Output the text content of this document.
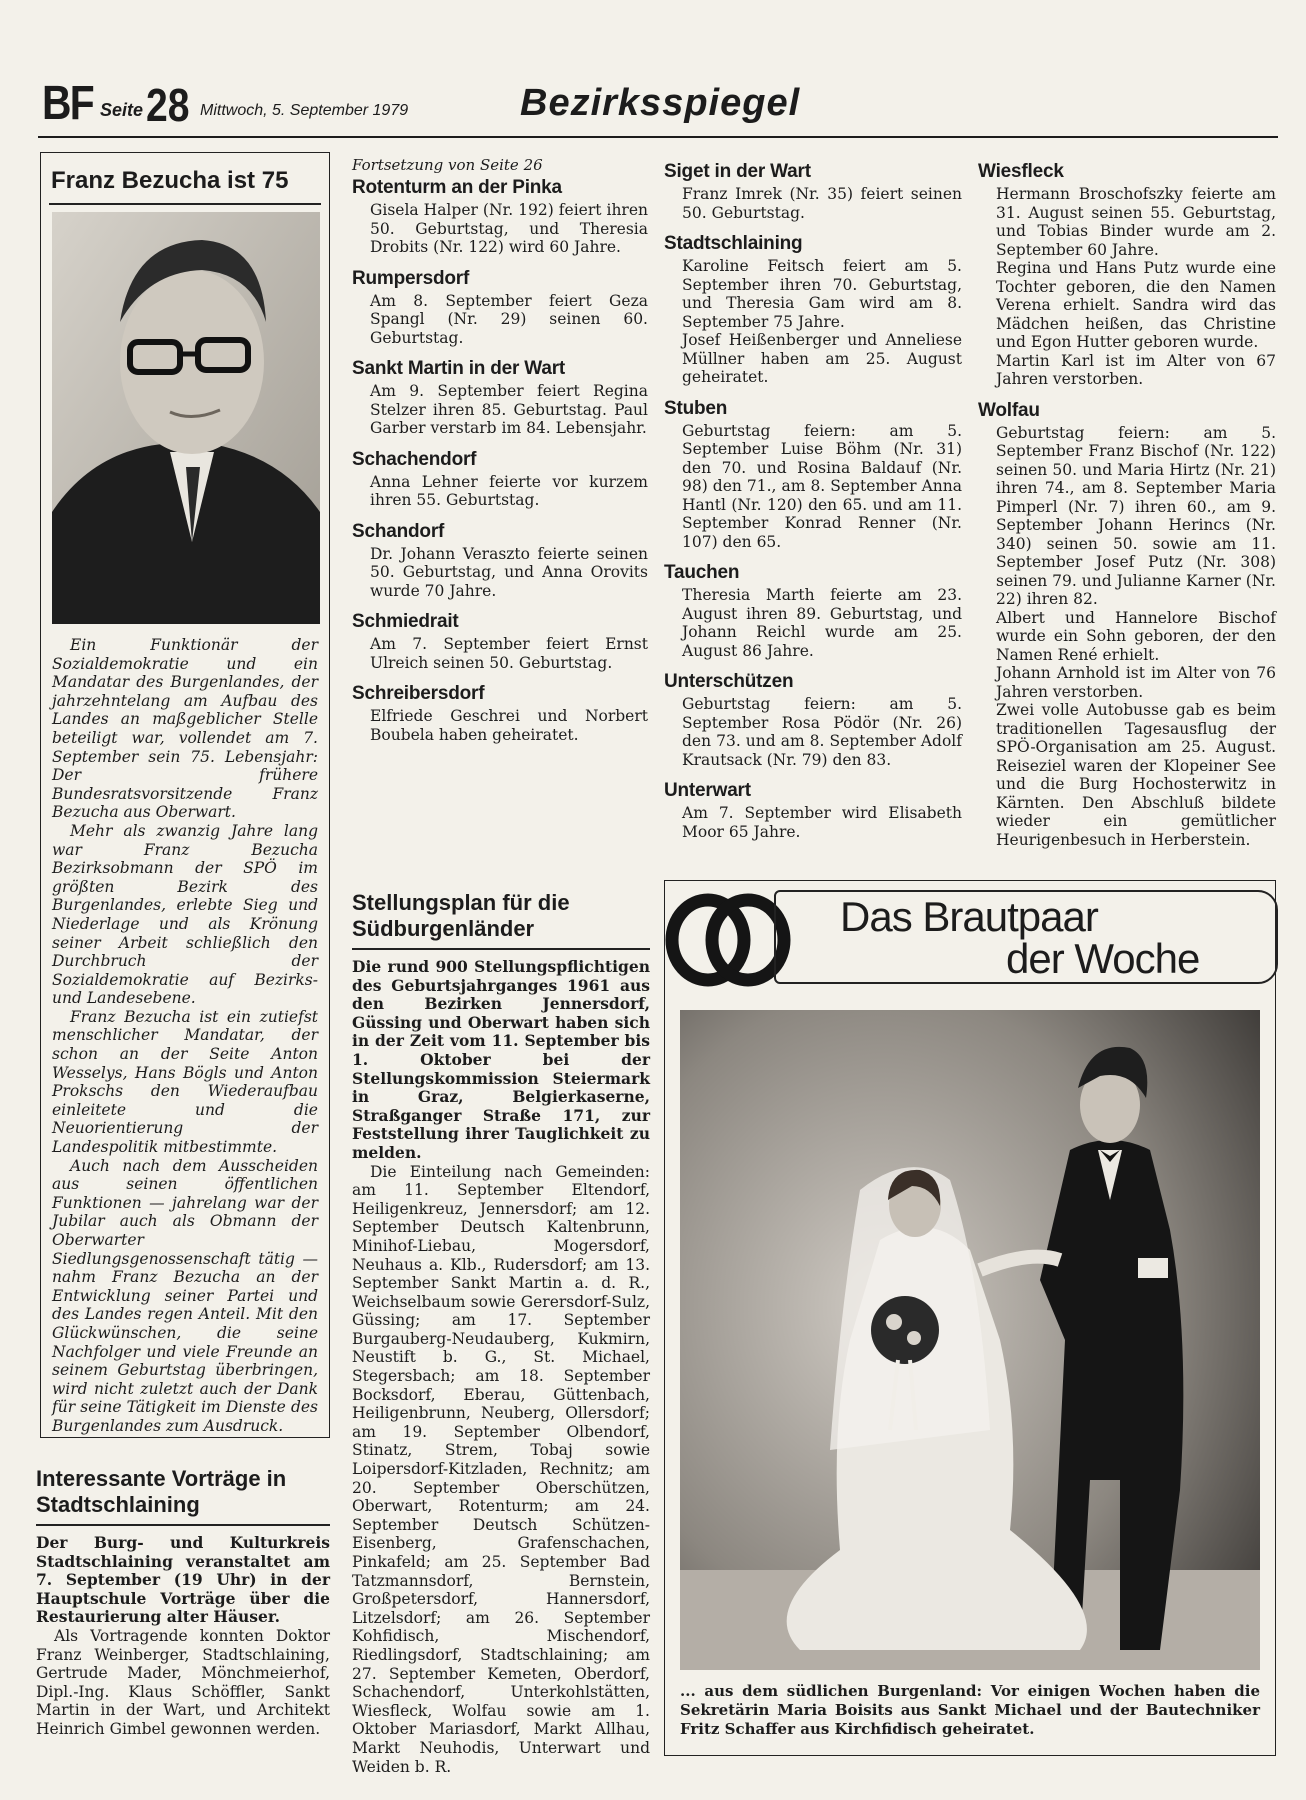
BF Seite 28 Mittwoch, 5. September 1979	Bezirksspiegel
Franz Bezucha ist 75

Ein Funktionär der Sozialdemokratie und ein Mandatar des Burgenlandes, der jahrzehntelang am Aufbau des Landes an maßgeblicher Stelle beteiligt war, vollendet am 7. September sein 75. Lebensjahr: Der frühere Bundesratsvorsitzende Franz Bezucha aus Oberwart.

Mehr als zwanzig Jahre lang war Franz Bezucha Bezirksobmann der SPÖ im größten Bezirk des Burgenlandes, erlebte Sieg und Niederlage und als Krönung seiner Arbeit schließlich den Durchbruch der Sozialdemokratie auf Bezirks- und Landesebene.

Franz Bezucha ist ein zutiefst menschlicher Mandatar, der schon an der Seite Anton Wesselys, Hans Bögls und Anton Prokschs den Wiederaufbau einleitete und die Neuorientierung der Landespolitik mitbestimmte.

Auch nach dem Ausscheiden aus seinen öffentlichen Funktionen — jahrelang war der Jubilar auch als Obmann der Oberwarter Siedlungsgenossenschaft tätig — nahm Franz Bezucha an der Entwicklung seiner Partei und des Landes regen Anteil. Mit den Glückwünschen, die seine Nachfolger und viele Freunde an seinem Geburtstag überbringen, wird nicht zuletzt auch der Dank für seine Tätigkeit im Dienste des Burgenlandes zum Ausdruck.

Interessante Vorträge in Stadtschlaining
Der Burg- und Kulturkreis Stadtschlaining veranstaltet am 7. September (19 Uhr) in der Hauptschule Vorträge über die Restaurierung alter Häuser.

Als Vortragende konnten Doktor Franz Weinberger, Stadtschlaining, Gertrude Mader, Mönchmeierhof, Dipl.-Ing. Klaus Schöffler, Sankt Martin in der Wart, und Architekt Heinrich Gimbel gewonnen werden.

Fortsetzung von Seite 26
Rotenturm an der Pinka

Gisela Halper (Nr. 192) feiert ihren 50. Geburtstag, und Theresia Drobits (Nr. 122) wird 60 Jahre.

Rumpersdorf

Am 8. September feiert Geza Spangl (Nr. 29) seinen 60. Geburtstag.

Sankt Martin in der Wart

Am 9. September feiert Regina Stelzer ihren 85. Geburtstag. Paul Garber verstarb im 84. Lebensjahr.

Schachendorf

Anna Lehner feierte vor kurzem ihren 55. Geburtstag.

Schandorf

Dr. Johann Veraszto feierte seinen 50. Geburtstag, und Anna Orovits wurde 70 Jahre.

Schmiedrait

Am 7. September feiert Ernst Ulreich seinen 50. Geburtstag.

Schreibersdorf

Elfriede Geschrei und Norbert Boubela haben geheiratet.

Stellungsplan für die Südburgenländer
Die rund 900 Stellungspflichtigen des Geburtsjahrganges 1961 aus den Bezirken Jennersdorf, Güssing und Oberwart haben sich in der Zeit vom 11. September bis 1. Oktober bei der Stellungskommission Steiermark in Graz, Belgierkaserne, Straßganger Straße 171, zur Feststellung ihrer Tauglichkeit zu melden.

Die Einteilung nach Gemeinden: am 11. September Eltendorf, Heiligenkreuz, Jennersdorf; am 12. September Deutsch Kaltenbrunn, Minihof-Liebau, Mogersdorf, Neuhaus a. Klb., Rudersdorf; am 13. September Sankt Martin a. d. R., Weichselbaum sowie Gerersdorf-Sulz, Güssing; am 17. September Burgauberg-Neudauberg, Kukmirn, Neustift b. G., St. Michael, Stegersbach; am 18. September Bocksdorf, Eberau, Güttenbach, Heiligenbrunn, Neuberg, Ollersdorf; am 19. September Olbendorf, Stinatz, Strem, Tobaj sowie Loipersdorf-Kitzladen, Rechnitz; am 20. September Oberschützen, Oberwart, Rotenturm; am 24. September Deutsch Schützen-Eisenberg, Grafenschachen, Pinkafeld; am 25. September Bad Tatzmannsdorf, Bernstein, Großpetersdorf, Hannersdorf, Litzelsdorf; am 26. September Kohfidisch, Mischendorf, Riedlingsdorf, Stadtschlaining; am 27. September Kemeten, Oberdorf, Schachendorf, Unterkohlstätten, Wiesfleck, Wolfau sowie am 1. Oktober Mariasdorf, Markt Allhau, Markt Neuhodis, Unterwart und Weiden b. R.

Siget in der Wart

Franz Imrek (Nr. 35) feiert seinen 50. Geburtstag.

Stadtschlaining

Karoline Feitsch feiert am 5. September ihren 70. Geburtstag, und Theresia Gam wird am 8. September 75 Jahre.

Josef Heißenberger und Anneliese Müllner haben am 25. August geheiratet.

Stuben

Geburtstag feiern: am 5. September Luise Böhm (Nr. 31) den 70. und Rosina Baldauf (Nr. 98) den 71., am 8. September Anna Hantl (Nr. 120) den 65. und am 11. September Konrad Renner (Nr. 107) den 65.

Tauchen

Theresia Marth feierte am 23. August ihren 89. Geburtstag, und Johann Reichl wurde am 25. August 86 Jahre.

Unterschützen

Geburtstag feiern: am 5. September Rosa Pödör (Nr. 26) den 73. und am 8. September Adolf Krautsack (Nr. 79) den 83.

Unterwart

Am 7. September wird Elisabeth Moor 65 Jahre.

Wiesfleck

Hermann Broschofszky feierte am 31. August seinen 55. Geburtstag, und Tobias Binder wurde am 2. September 60 Jahre.

Regina und Hans Putz wurde eine Tochter geboren, die den Namen Verena erhielt. Sandra wird das Mädchen heißen, das Christine und Egon Hutter geboren wurde.

Martin Karl ist im Alter von 67 Jahren verstorben.

Wolfau

Geburtstag feiern: am 5. September Franz Bischof (Nr. 122) seinen 50. und Maria Hirtz (Nr. 21) ihren 74., am 8. September Maria Pimperl (Nr. 7) ihren 60., am 9. September Johann Herincs (Nr. 340) seinen 50. sowie am 11. September Josef Putz (Nr. 308) seinen 79. und Julianne Karner (Nr. 22) ihren 82.

Albert und Hannelore Bischof wurde ein Sohn geboren, der den Namen René erhielt.

Johann Arnhold ist im Alter von 76 Jahren verstorben.

Zwei volle Autobusse gab es beim traditionellen Tagesausflug der SPÖ-Organisation am 25. August. Reiseziel waren der Klopeiner See und die Burg Hochosterwitz in Kärnten. Den Abschluß bildete wieder ein gemütlicher Heurigenbesuch in Herberstein.

Das Brautpaar
der Woche
... aus dem südlichen Burgenland: Vor einigen Wochen haben die Sekretärin Maria Boisits aus Sankt Michael und der Bautechniker Fritz Schaffer aus Kirchfidisch geheiratet.
